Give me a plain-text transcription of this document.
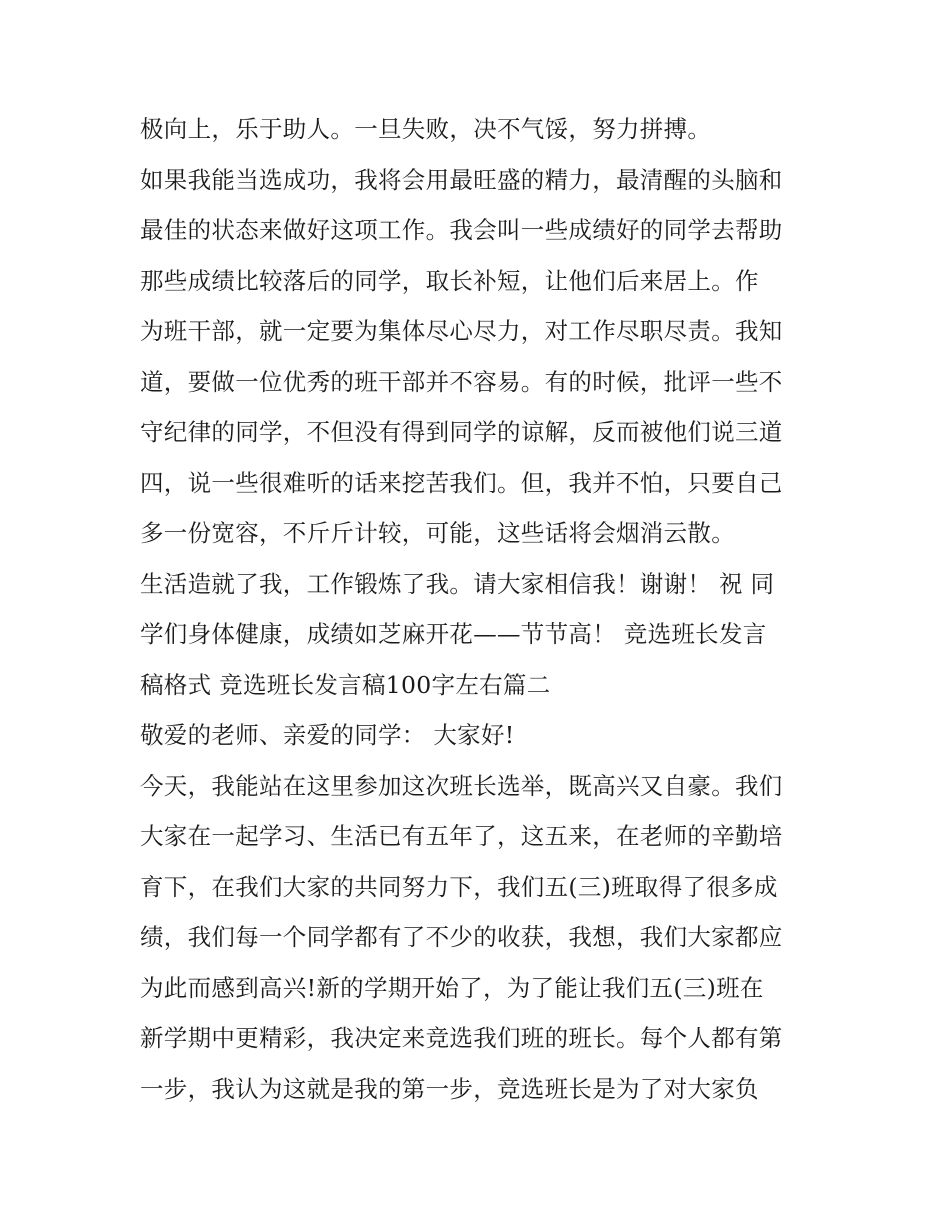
极向上，乐于助人。一旦失败，决不气馁，努力拼搏。
如果我能当选成功，我将会用最旺盛的精力，最清醒的头脑和
最佳的状态来做好这项工作。我会叫一些成绩好的同学去帮助
那些成绩比较落后的同学，取长补短，让他们后来居上。作
为班干部，就一定要为集体尽心尽力，对工作尽职尽责。我知
道，要做一位优秀的班干部并不容易。有的时候，批评一些不
守纪律的同学，不但没有得到同学的谅解，反而被他们说三道
四，说一些很难听的话来挖苦我们。但，我并不怕，只要自己
多一份宽容，不斤斤计较，可能，这些话将会烟消云散。
生活造就了我，工作锻炼了我。请大家相信我！谢谢！ 祝 同
学们身体健康，成绩如芝麻开花——节节高！ 竞选班长发言
稿格式 竞选班长发言稿100字左右篇二
敬爱的老师、亲爱的同学： 大家好!
今天，我能站在这里参加这次班长选举，既高兴又自豪。我们
大家在一起学习、生活已有五年了，这五来，在老师的辛勤培
育下，在我们大家的共同努力下，我们五(三)班取得了很多成
绩，我们每一个同学都有了不少的收获，我想，我们大家都应
为此而感到高兴!新的学期开始了，为了能让我们五(三)班在
新学期中更精彩，我决定来竞选我们班的班长。每个人都有第
一步，我认为这就是我的第一步，竞选班长是为了对大家负
